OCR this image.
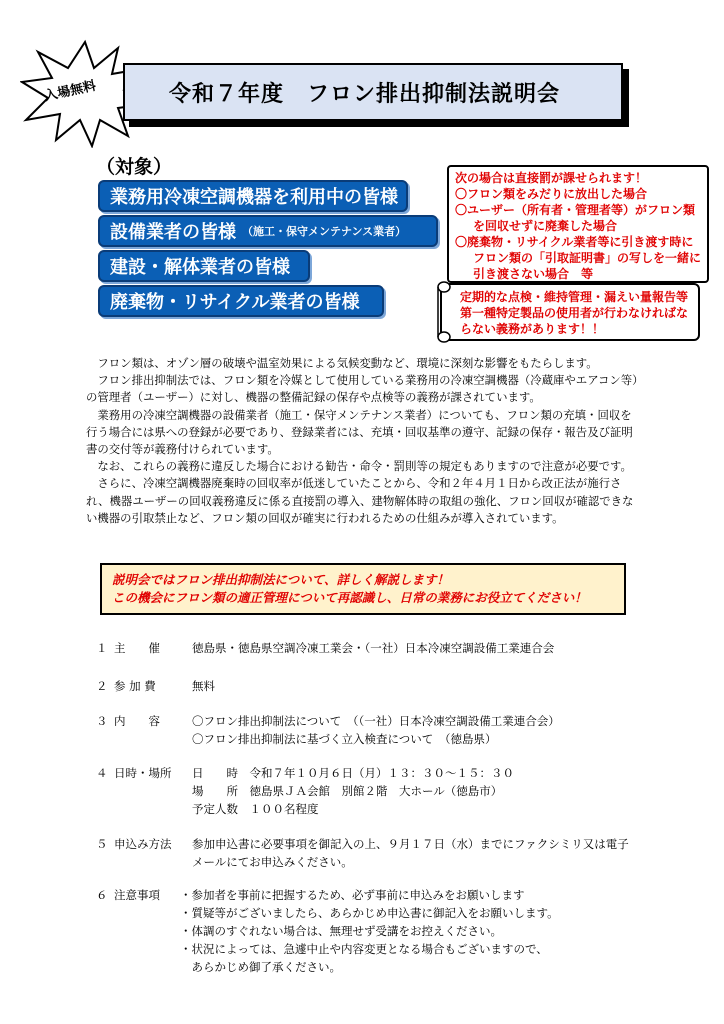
入場無料	令和７年度　フロン排出抑制法説明会
（対象）
業務用冷凍空調機器を利用中の皆様
設備業者の皆様 （施工・保守メンテナンス業者）
建設・解体業者の皆様
廃棄物・リサイクル業者の皆様
次の場合は直接罰が課せられます！
〇フロン類をみだりに放出した場合
〇ユーザー（所有者・管理者等）がフロン類
を回収せずに廃棄した場合
〇廃棄物・リサイクル業者等に引き渡す時に
フロン類の「引取証明書」の写しを一緒に
引き渡さない場合　等
定期的な点検・維持管理・漏えい量報告等第一種特定製品の使用者が行わなければならない義務があります！！

フロン類は、オゾン層の破壊や温室効果による気候変動など、環境に深刻な影響をもたらします。

フロン排出抑制法では、フロン類を冷媒として使用している業務用の冷凍空調機器（冷蔵庫やエアコン等）の管理者（ユーザー）に対し、機器の整備記録の保存や点検等の義務が課されています。

業務用の冷凍空調機器の設備業者（施工・保守メンテナンス業者）についても、フロン類の充填・回収を行う場合には県への登録が必要であり、登録業者には、充填・回収基準の遵守、記録の保存・報告及び証明書の交付等が義務付けられています。

なお、これらの義務に違反した場合における勧告・命令・罰則等の規定もありますので注意が必要です。

さらに、冷凍空調機器廃棄時の回収率が低迷していたことから、令和２年４月１日から改正法が施行され、機器ユーザーの回収義務違反に係る直接罰の導入、建物解体時の取組の強化、フロン回収が確認できない機器の引取禁止など、フロン類の回収が確実に行われるための仕組みが導入されています。

説明会ではフロン排出抑制法について、詳しく解説します！
この機会にフロン類の適正管理について再認識し、日常の業務にお役立てください！
１ 主　　催	徳島県・徳島県空調冷凍工業会・（一社）日本冷凍空調設備工業連合会
２ 参 加 費	無料
３ 内　　容	〇フロン排出抑制法について　（（一社）日本冷凍空調設備工業連合会）
〇フロン排出抑制法に基づく立入検査について　（徳島県）
４ 日時・場所 日　　時　令和７年１０月６日（月）１３：３０～１５：３０
場　　所　徳島県ＪＡ会館　別館２階　大ホール（徳島市）
予定人数　１００名程度
５ 申込み方法 参加申込書に必要事項を御記入の上、９月１７日（水）までにファクシミリ又は電子
メールにてお申込みください。
６ 注意事項 ・参加者を事前に把握するため、必ず事前に申込みをお願いします
・質疑等がございましたら、あらかじめ申込書に御記入をお願いします。
・体調のすぐれない場合は、無理せず受講をお控えください。
・状況によっては、急遽中止や内容変更となる場合もございますので、
　あらかじめ御了承ください。
